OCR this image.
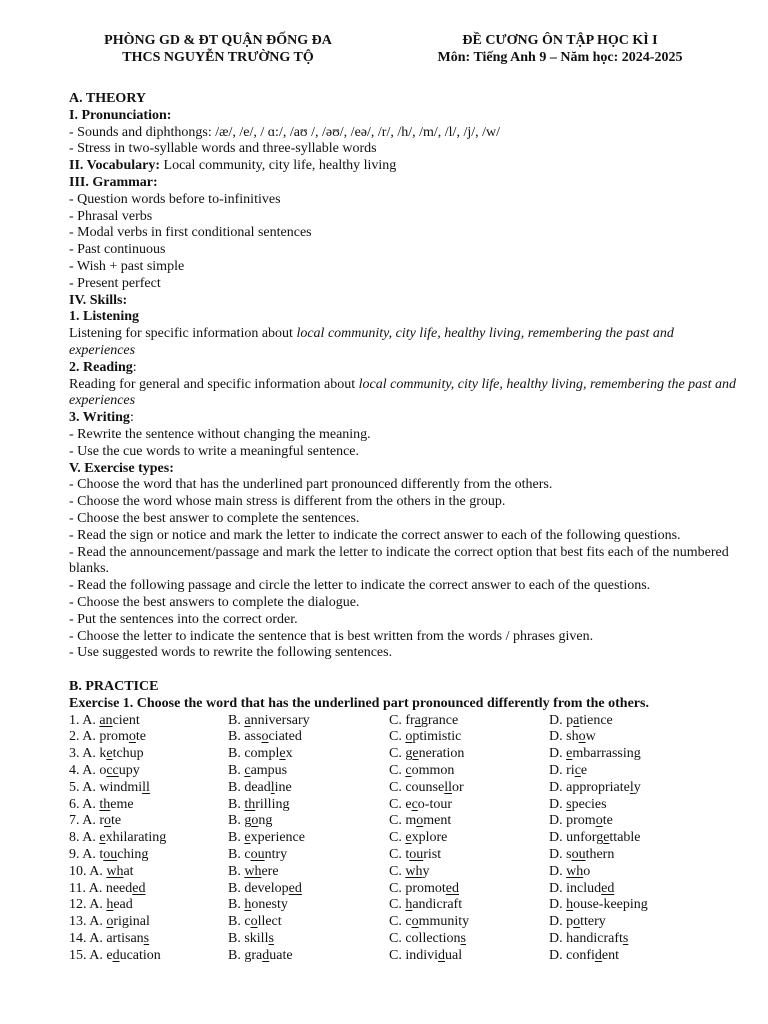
PHÒNG GD & ĐT QUẬN ĐỐNG ĐA
THCS NGUYỄN TRƯỜNG TỘ
ĐỀ CƯƠNG ÔN TẬP HỌC KÌ I
Môn: Tiếng Anh 9 – Năm học: 2024-2025
A. THEORY
I. Pronunciation:
- Sounds and diphthongs: /æ/, /e/, / ɑ:/, /aʊ /, /əʊ/, /eə/, /r/, /h/, /m/, /l/, /j/, /w/
- Stress in two-syllable words and three-syllable words
II. Vocabulary: Local community, city life, healthy living
III. Grammar:
- Question words before to-infinitives
- Phrasal verbs
- Modal verbs in first conditional sentences
- Past continuous
- Wish + past simple
- Present perfect
IV. Skills:
1. Listening
Listening for specific information about local community, city life, healthy living, remembering the past and experiences
2. Reading:
Reading for general and specific information about local community, city life, healthy living, remembering the past and experiences
3. Writing:
- Rewrite the sentence without changing the meaning.
- Use the cue words to write a meaningful sentence.
V. Exercise types:
- Choose the word that has the underlined part pronounced differently from the others.
- Choose the word whose main stress is different from the others in the group.
- Choose the best answer to complete the sentences.
- Read the sign or notice and mark the letter to indicate the correct answer to each of the following questions.
- Read the announcement/passage and mark the letter to indicate the correct option that best fits each of the numbered blanks.
- Read the following passage and circle the letter to indicate the correct answer to each of the questions.
- Choose the best answers to complete the dialogue.
- Put the sentences into the correct order.
- Choose the letter to indicate the sentence that is best written from the words / phrases given.
- Use suggested words to rewrite the following sentences.
B. PRACTICE
Exercise 1. Choose the word that has the underlined part pronounced differently from the others.
1. A. ancient	B. anniversary	C. fragrance	D. patience
2. A. promote	B. associated	C. optimistic	D. show
3. A. ketchup	B. complex	C. generation	D. embarrassing
4. A. occupy	B. campus	C. common	D. rice
5. A. windmill	B. deadline	C. counsellor	D. appropriately
6. A. theme	B. thrilling	C. eco-tour	D. species
7. A. rote	B. gong	C. moment	D. promote
8. A. exhilarating	B. experience	C. explore	D. unforgettable
9. A. touching	B. country	C. tourist	D. southern
10. A. what	B. where	C. why	D. who
11. A. needed	B. developed	C. promoted	D. included
12. A. head	B. honesty	C. handicraft	D. house-keeping
13. A. original	B. collect	C. community	D. pottery
14. A. artisans	B. skills	C. collections	D. handicrafts
15. A. education	B. graduate	C. individual	D. confident
